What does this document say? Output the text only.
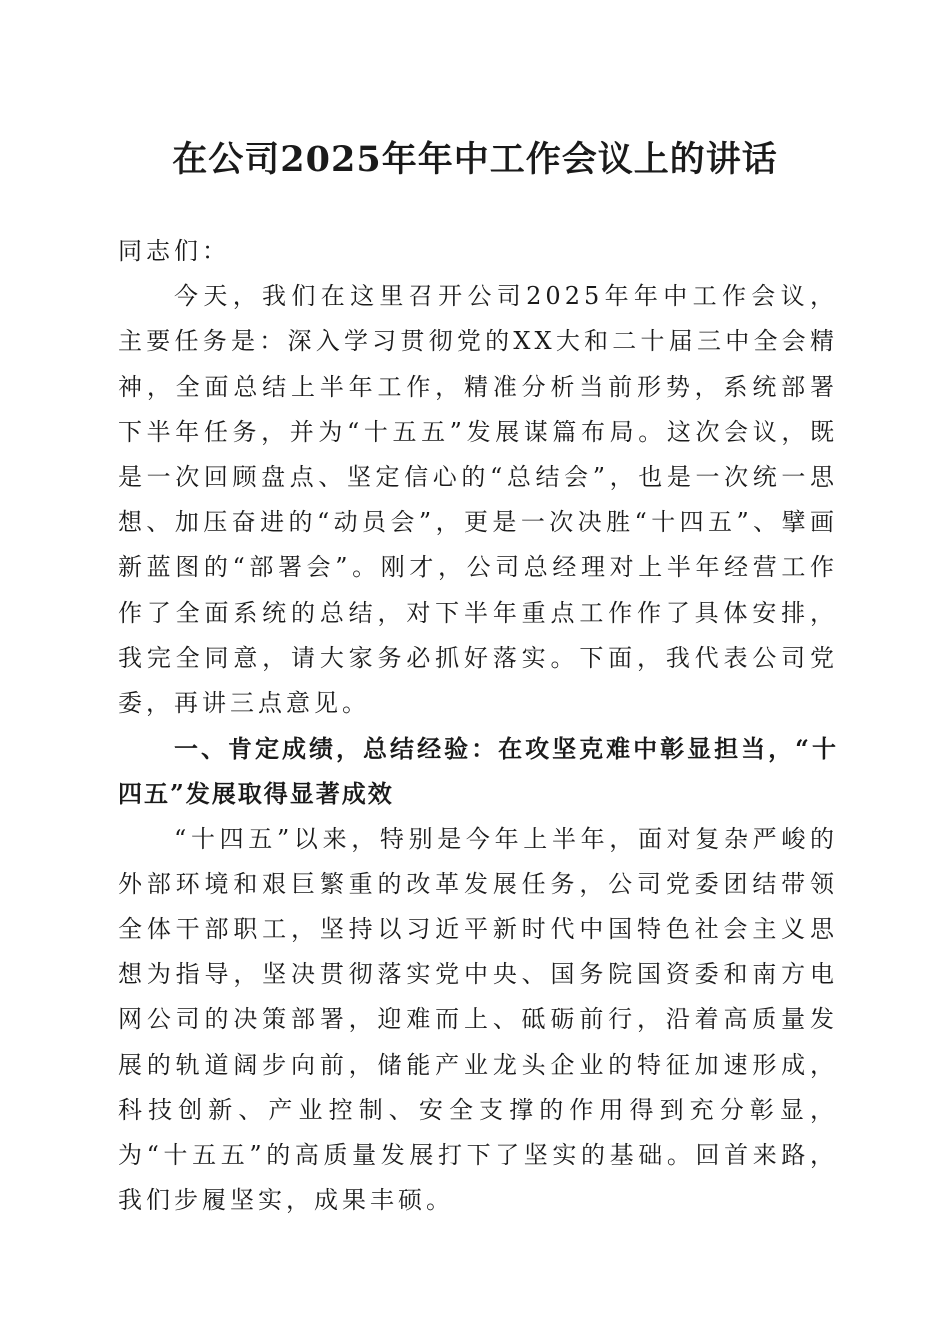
在公司2025年年中工作会议上的讲话

同志们：

今天，我们在这里召开公司2025年年中工作会议，主要任务是：深入学习贯彻党的XX大和二十届三中全会精神，全面总结上半年工作，精准分析当前形势，系统部署下半年任务，并为“十五五”发展谋篇布局。这次会议，既是一次回顾盘点、坚定信心的“总结会”，也是一次统一思想、加压奋进的“动员会”，更是一次决胜“十四五”、擘画新蓝图的“部署会”。刚才，公司总经理对上半年经营工作作了全面系统的总结，对下半年重点工作作了具体安排，我完全同意，请大家务必抓好落实。下面，我代表公司党委，再讲三点意见。

一、肯定成绩，总结经验：在攻坚克难中彰显担当，“十四五”发展取得显著成效

“十四五”以来，特别是今年上半年，面对复杂严峻的外部环境和艰巨繁重的改革发展任务，公司党委团结带领全体干部职工，坚持以习近平新时代中国特色社会主义思想为指导，坚决贯彻落实党中央、国务院国资委和南方电网公司的决策部署，迎难而上、砥砺前行，沿着高质量发展的轨道阔步向前，储能产业龙头企业的特征加速形成，科技创新、产业控制、安全支撑的作用得到充分彰显，为“十五五”的高质量发展打下了坚实的基础。回首来路，我们步履坚实，成果丰硕。
